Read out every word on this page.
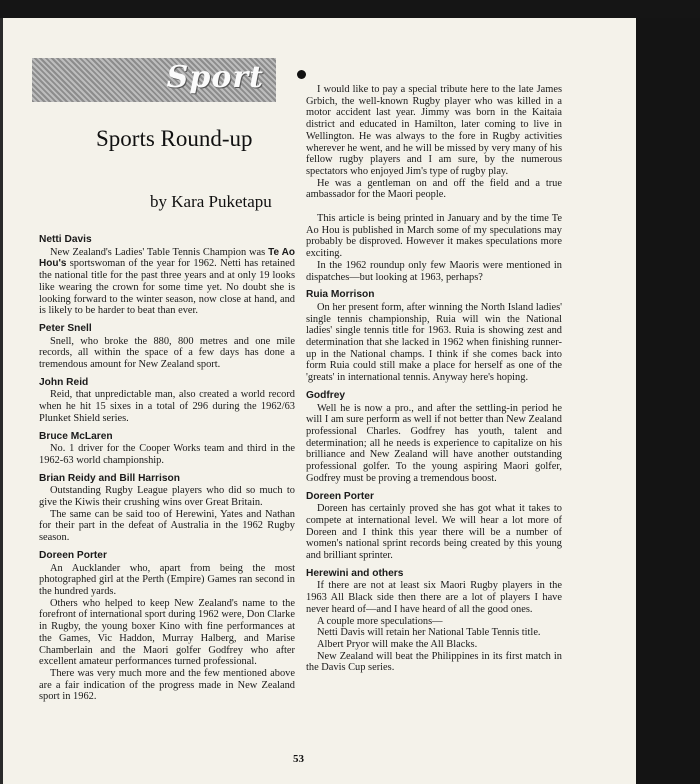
Sport
Sports Round-up
by Kara Puketapu
Netti Davis

New Zealand's Ladies' Table Tennis Champion was Te Ao Hou's sportswoman of the year for 1962. Netti has retained the national title for the past three years and at only 19 looks like wearing the crown for some time yet. No doubt she is looking forward to the winter season, now close at hand, and is likely to be harder to beat than ever.

Peter Snell

Snell, who broke the 880, 800 metres and one mile records, all within the space of a few days has done a tremendous amount for New Zealand sport.

John Reid

Reid, that unpredictable man, also created a world record when he hit 15 sixes in a total of 296 during the 1962/63 Plunket Shield series.

Bruce McLaren

No. 1 driver for the Cooper Works team and third in the 1962-63 world championship.

Brian Reidy and Bill Harrison

Outstanding Rugby League players who did so much to give the Kiwis their crushing wins over Great Britain.

The same can be said too of Herewini, Yates and Nathan for their part in the defeat of Australia in the 1962 Rugby season.

Doreen Porter

An Aucklander who, apart from being the most photographed girl at the Perth (Empire) Games ran second in the hundred yards.

Others who helped to keep New Zealand's name to the forefront of international sport during 1962 were, Don Clarke in Rugby, the young boxer Kino with fine performances at the Games, Vic Haddon, Murray Halberg, and Marise Chamberlain and the Maori golfer Godfrey who after excellent amateur performances turned professional.

There was very much more and the few mentioned above are a fair indication of the progress made in New Zealand sport in 1962.

I would like to pay a special tribute here to the late James Grbich, the well-known Rugby player who was killed in a motor accident last year. Jimmy was born in the Kaitaia district and educated in Hamilton, later coming to live in Wellington. He was always to the fore in Rugby activities wherever he went, and he will be missed by very many of his fellow rugby players and I am sure, by the numerous spectators who enjoyed Jim's type of rugby play.

He was a gentleman on and off the field and a true ambassador for the Maori people.

This article is being printed in January and by the time Te Ao Hou is published in March some of my speculations may probably be disproved. However it makes speculations more exciting.

In the 1962 roundup only few Maoris were mentioned in dispatches—but looking at 1963, perhaps?

Ruia Morrison

On her present form, after winning the North Island ladies' single tennis championship, Ruia will win the National ladies' single tennis title for 1963. Ruia is showing zest and determination that she lacked in 1962 when finishing runner-up in the National champs. I think if she comes back into form Ruia could still make a place for herself as one of the 'greats' in international tennis. Anyway here's hoping.

Godfrey

Well he is now a pro., and after the settling-in period he will I am sure perform as well if not better than New Zealand professional Charles. Godfrey has youth, talent and determination; all he needs is experience to capitalize on his brilliance and New Zealand will have another outstanding professional golfer. To the young aspiring Maori golfer, Godfrey must be proving a tremendous boost.

Doreen Porter

Doreen has certainly proved she has got what it takes to compete at international level. We will hear a lot more of Doreen and I think this year there will be a number of women's national sprint records being created by this young and brilliant sprinter.

Herewini and others

If there are not at least six Maori Rugby players in the 1963 All Black side then there are a lot of players I have never heard of—and I have heard of all the good ones.

A couple more speculations—

Netti Davis will retain her National Table Tennis title.

Albert Pryor will make the All Blacks.

New Zealand will beat the Philippines in its first match in the Davis Cup series.

53
